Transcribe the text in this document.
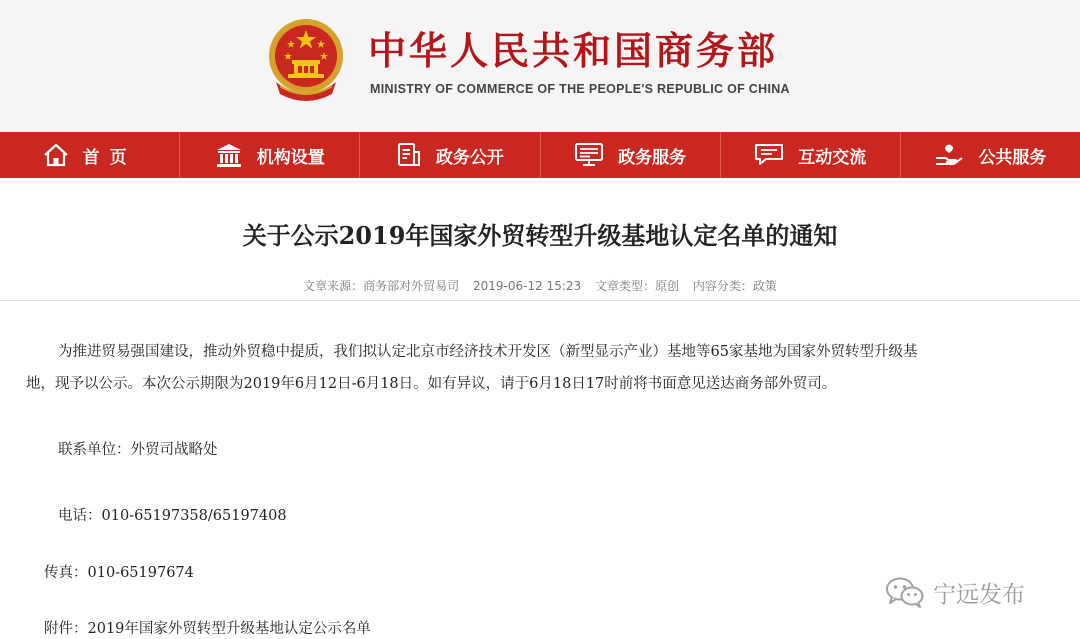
中华人民共和国商务部
MINISTRY OF COMMERCE OF THE PEOPLE'S REPUBLIC OF CHINA
首页	机构设置	政务公开	政务服务	互动交流	公共服务
关于公示2019年国家外贸转型升级基地认定名单的通知
文章来源：商务部对外贸易司 2019-06-12 15:23 文章类型：原创 内容分类：政策
为推进贸易强国建设，推动外贸稳中提质，我们拟认定北京市经济技术开发区（新型显示产业）基地等65家基地为国家外贸转型升级基
地，现予以公示。本次公示期限为2019年6月12日-6月18日。如有异议，请于6月18日17时前将书面意见送达商务部外贸司。
联系单位：外贸司战略处
电话：010-65197358/65197408
传真：010-65197674
附件：2019年国家外贸转型升级基地认定公示名单
宁远发布
